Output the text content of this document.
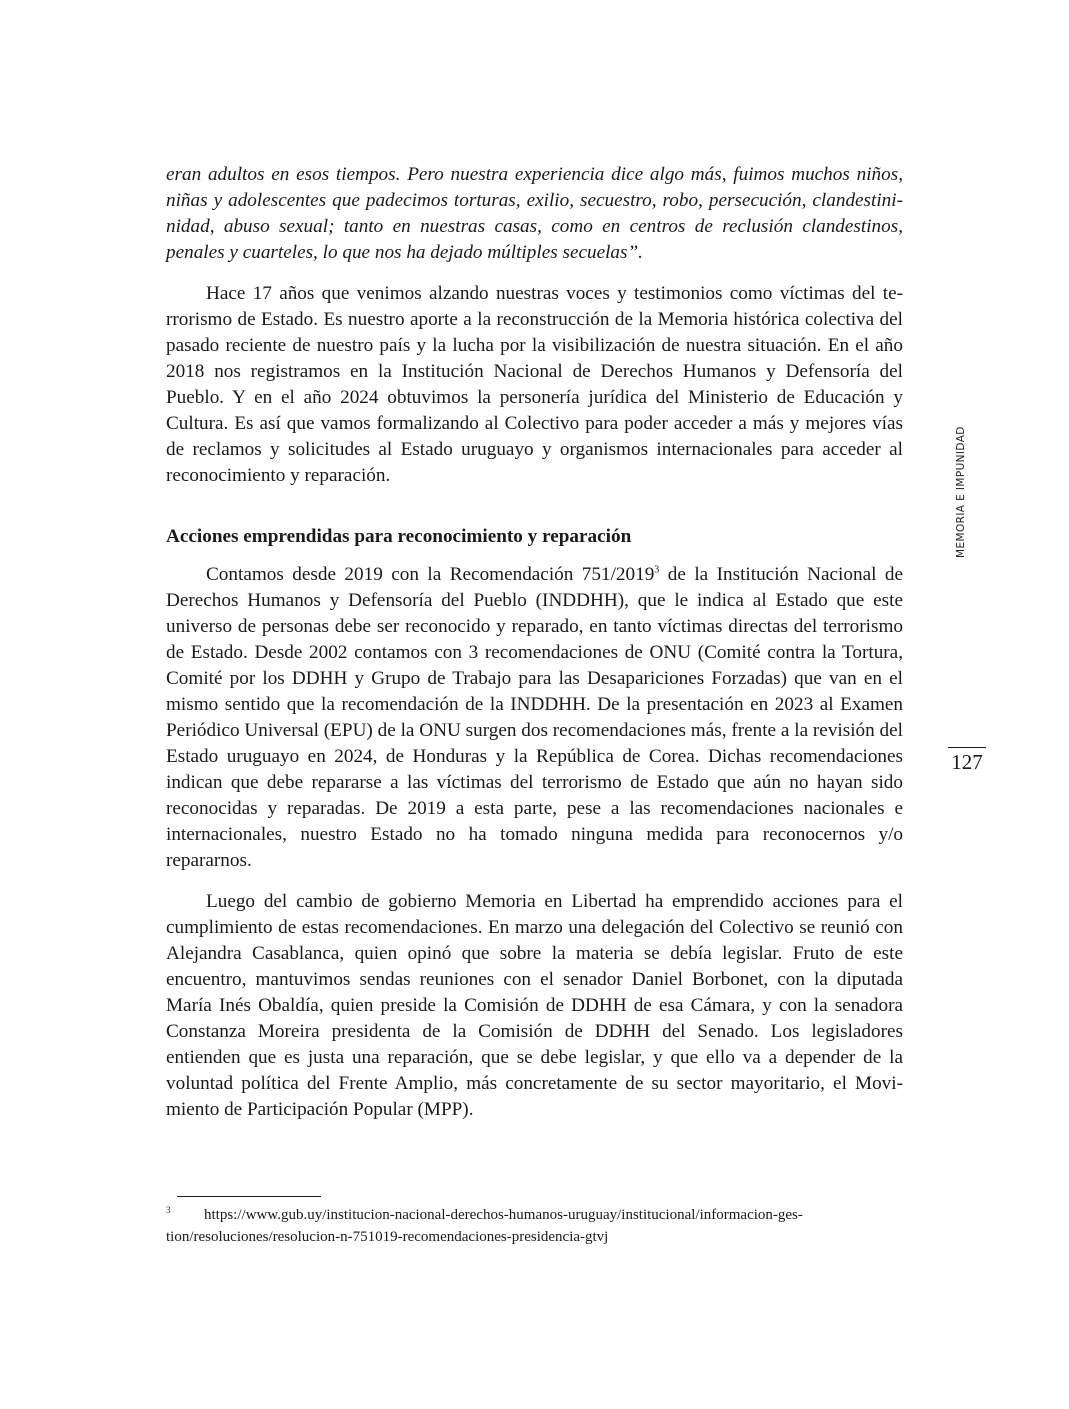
eran adultos en esos tiempos. Pero nuestra experiencia dice algo más, fuimos muchos niños, niñas y adolescentes que padecimos torturas, exilio, secuestro, robo, persecución, clandestininidad, abuso sexual; tanto en nuestras casas, como en centros de reclusión clandestinos, penales y cuarteles, lo que nos ha dejado múltiples secuelas”.

Hace 17 años que venimos alzando nuestras voces y testimonios como víctimas del terrorismo de Estado. Es nuestro aporte a la reconstrucción de la Memoria histórica colectiva del pasado reciente de nuestro país y la lucha por la visibilización de nuestra situación. En el año 2018 nos registramos en la Institución Nacional de Derechos Humanos y Defensoría del Pueblo. Y en el año 2024 obtuvimos la personería jurídica del Ministerio de Educación y Cultura. Es así que vamos formalizando al Colectivo para poder acceder a más y mejores vías de reclamos y solicitudes al Estado uruguayo y organismos internacionales para acceder al reconocimiento y reparación.

Acciones emprendidas para reconocimiento y reparación

Contamos desde 2019 con la Recomendación 751/2019$^3$ de la Institución Nacional de Derechos Humanos y Defensoría del Pueblo (INDDHH), que le indica al Estado que este universo de personas debe ser reconocido y reparado, en tanto víctimas directas del terrorismo de Estado. Desde 2002 contamos con 3 recomendaciones de ONU (Comité contra la Tortura, Comité por los DDHH y Grupo de Trabajo para las Desapariciones Forzadas) que van en el mismo sentido que la recomendación de la INDDHH. De la presentación en 2023 al Examen Periódico Universal (EPU) de la ONU surgen dos recomendaciones más, frente a la revisión del Estado uruguayo en 2024, de Honduras y la República de Corea. Dichas recomendaciones indican que debe repararse a las víctimas del terrorismo de Estado que aún no hayan sido reconocidas y reparadas. De 2019 a esta parte, pese a las recomendaciones nacionales e internacionales, nuestro Estado no ha tomado ninguna medida para reconocernos y/o repararnos.

Luego del cambio de gobierno Memoria en Libertad ha emprendido acciones para el cumplimiento de estas recomendaciones. En marzo una delegación del Colectivo se reunió con Alejandra Casablanca, quien opinó que sobre la materia se debía legislar. Fruto de este encuentro, mantuvimos sendas reuniones con el senador Daniel Borbonet, con la diputada María Inés Obaldía, quien preside la Comisión de DDHH de esa Cámara, y con la senadora Constanza Moreira presidenta de la Comisión de DDHH del Senado. Los legisladores entienden que es justa una reparación, que se debe legislar, y que ello va a depender de la voluntad política del Frente Amplio, más concretamente de su sector mayoritario, el Movimiento de Participación Popular (MPP).

3 https://www.gub.uy/institucion-nacional-derechos-humanos-uruguay/institucional/informacion-gestion/resoluciones/resolucion-n-751019-recomendaciones-presidencia-gtvj
MEMORIA E IMPUNIDAD
127
